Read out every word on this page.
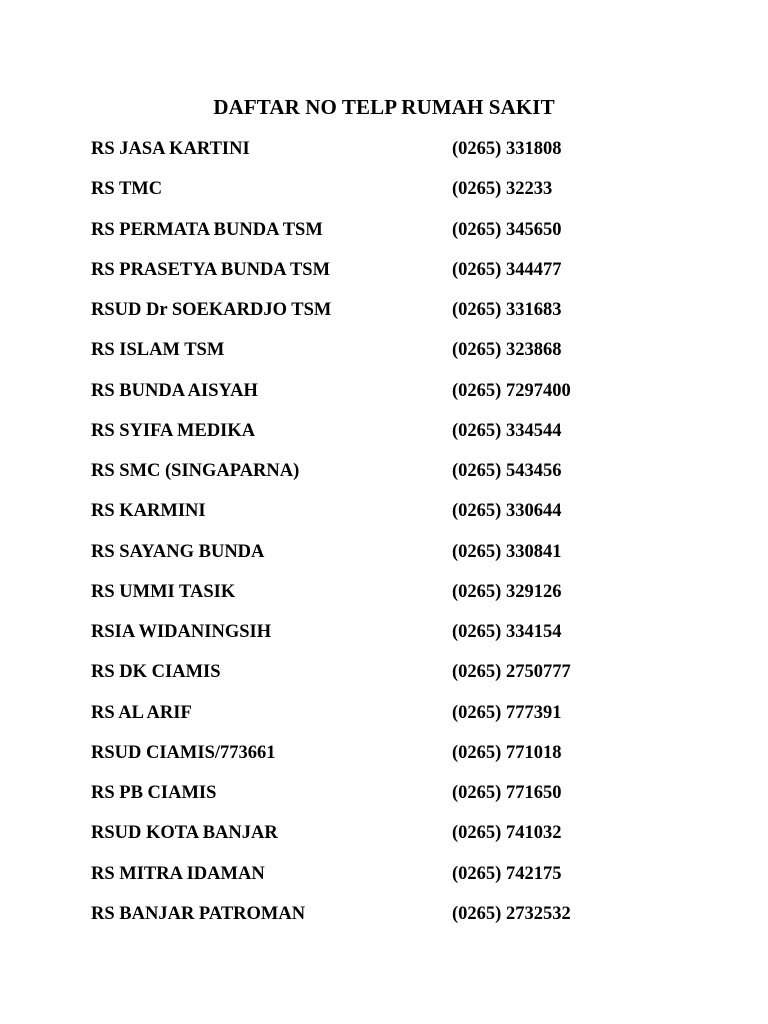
DAFTAR NO TELP RUMAH SAKIT
RS JASA KARTINI	(0265) 331808
RS TMC	(0265) 32233
RS PERMATA BUNDA TSM	(0265) 345650
RS PRASETYA BUNDA TSM	(0265) 344477
RSUD Dr SOEKARDJO TSM	(0265) 331683
RS ISLAM TSM	(0265) 323868
RS BUNDA AISYAH	(0265) 7297400
RS SYIFA MEDIKA	(0265) 334544
RS SMC (SINGAPARNA)	(0265) 543456
RS KARMINI	(0265) 330644
RS SAYANG BUNDA	(0265) 330841
RS UMMI TASIK	(0265) 329126
RSIA WIDANINGSIH	(0265) 334154
RS DK CIAMIS	(0265) 2750777
RS AL ARIF	(0265) 777391
RSUD CIAMIS/773661	(0265) 771018
RS PB CIAMIS	(0265) 771650
RSUD KOTA BANJAR	(0265) 741032
RS MITRA IDAMAN	(0265) 742175
RS BANJAR PATROMAN	(0265) 2732532
